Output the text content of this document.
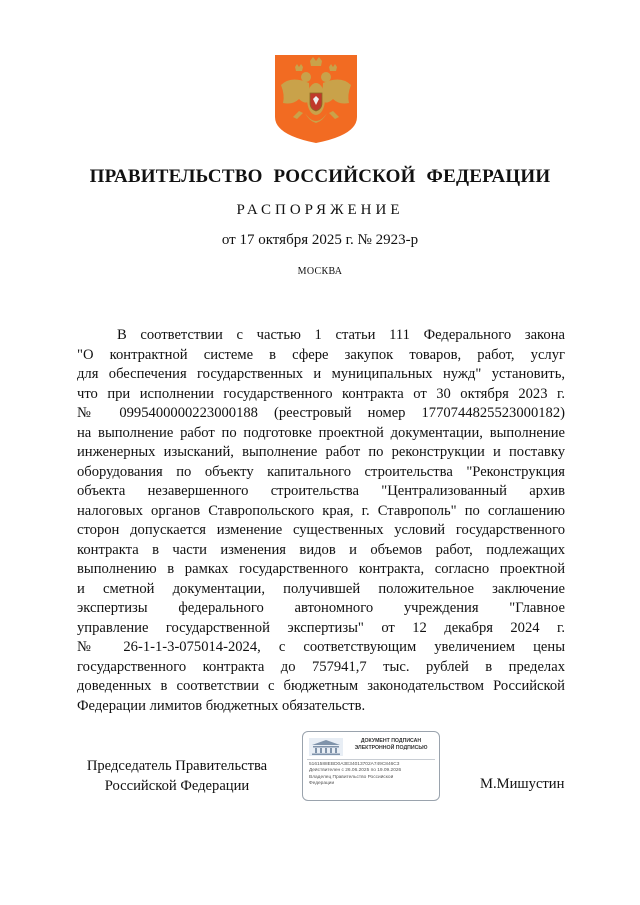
ПРАВИТЕЛЬСТВО РОССИЙСКОЙ ФЕДЕРАЦИИ
РАСПОРЯЖЕНИЕ
от 17 октября 2025 г. № 2923-р
МОСКВА
В соответствии с частью 1 статьи 111 Федерального закона
"О контрактной системе в сфере закупок товаров, работ, услуг
для обеспечения государственных и муниципальных нужд" установить,
что при исполнении государственного контракта от 30 октября 2023 г.
№ 0995400000223000188 (реестровый номер 1770744825523000182)
на выполнение работ по подготовке проектной документации, выполнение
инженерных изысканий, выполнение работ по реконструкции и поставку
оборудования по объекту капитального строительства "Реконструкция
объекта незавершенного строительства "Централизованный архив
налоговых органов Ставропольского края, г. Ставрополь" по соглашению
сторон допускается изменение существенных условий государственного
контракта в части изменения видов и объемов работ, подлежащих
выполнению в рамках государственного контракта, согласно проектной
и сметной документации, получившей положительное заключение
экспертизы федерального автономного учреждения "Главное
управление государственной экспертизы" от 12 декабря 2024 г.
№ 26-1-1-3-075014-2024, с соответствующим увеличением цены
государственного контракта до 757941,7 тыс. рублей в пределах
доведенных в соответствии с бюджетным законодательством Российской
Федерации лимитов бюджетных обязательств.
Председатель Правительства
Российской Федерации
ДОКУМЕНТ ПОДПИСАН
ЭЛЕКТРОННОЙ ПОДПИСЬЮ
5161588EBD0A3E34013702A749C846C3
Действителен с 26.06.2025 по 19.09.2026
Владелец Правительство Российской
Федерации	М.Мишустин
